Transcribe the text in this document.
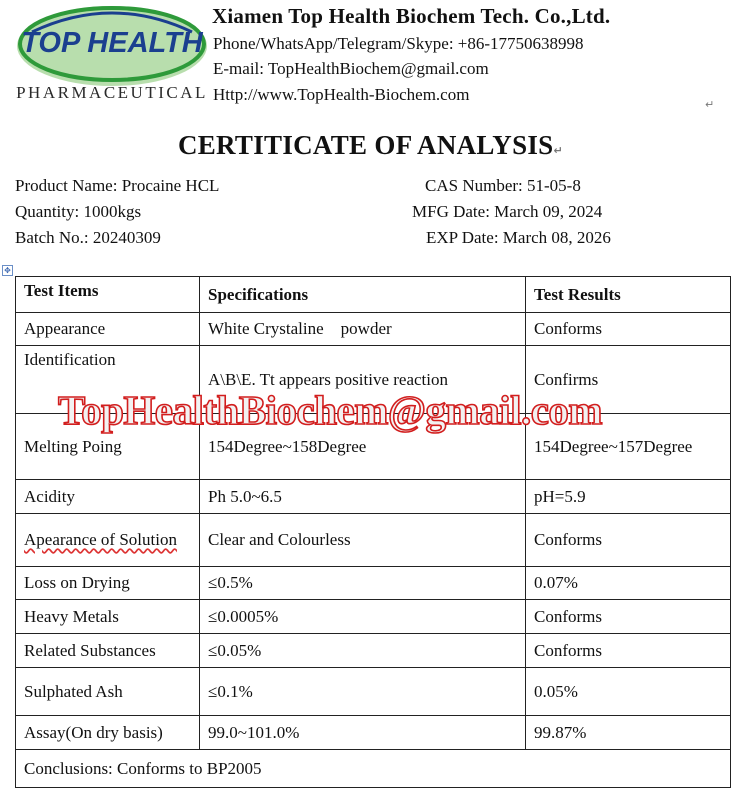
TOP HEALTH
PHARMACEUTICAL
Xiamen Top Health Biochem Tech. Co.,Ltd.
Phone/WhatsApp/Telegram/Skype: +86-17750638998
E-mail: TopHealthBiochem@gmail.com
Http://www.TopHealth-Biochem.com
↵
CERTITICATE OF ANALYSIS↵
Product Name: Procaine HCL	CAS Number: 51-05-8
Quantity: 1000kgs	MFG Date: March 09, 2024
Batch No.: 20240309	EXP Date: March 08, 2026
✥
Test Items	Specifications	Test Results
Appearance	White Crystaline    powder	Conforms
Identification	A\B\E. Tt appears positive reaction	Confirms
Melting Poing	154Degree~158Degree	154Degree~157Degree
Acidity	Ph 5.0~6.5	pH=5.9
Apearance of Solution	Clear and Colourless	Conforms
Loss on Drying	≤0.5%	0.07%
Heavy Metals	≤0.0005%	Conforms
Related Substances	≤0.05%	Conforms
Sulphated Ash	≤0.1%	0.05%
Assay(On dry basis)	99.0~101.0%	99.87%
Conclusions: Conforms to BP2005		
TopHealthBiochem@gmail.com
